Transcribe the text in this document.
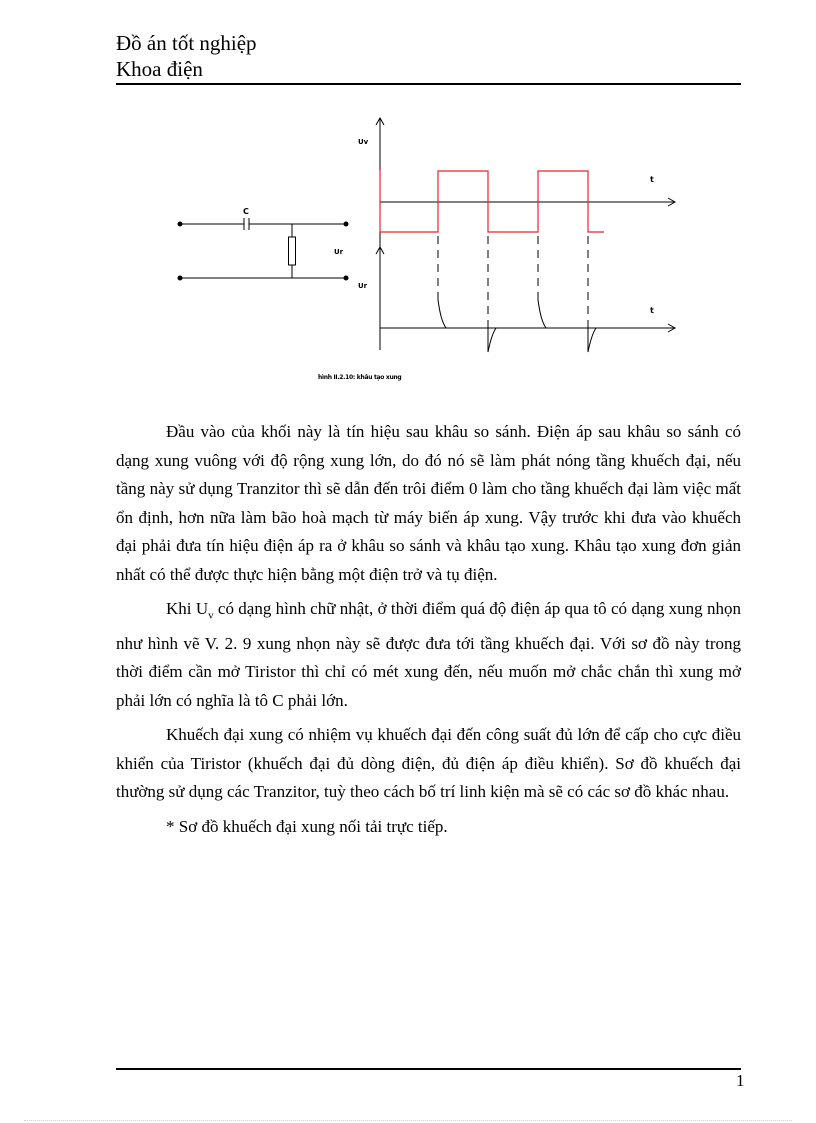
Đồ án tốt nghiệp
Khoa điện
C
Ur
Uv
t
Ur
t
hình II.2.10: khâu tạo xung

Đầu vào của khối này là tín hiệu sau khâu so sánh. Điện áp sau khâu so sánh có dạng xung vuông với độ rộng xung lớn, do đó nó sẽ làm phát nóng tầng khuếch đại, nếu tầng này sử dụng Tranzitor thì sẽ dẫn đến trôi điểm 0 làm cho tầng khuếch đại làm việc mất ổn định, hơn nữa làm bão hoà mạch từ máy biến áp xung. Vậy trước khi đưa vào khuếch đại phải đưa tín hiệu điện áp ra ở khâu so sánh và khâu tạo xung. Khâu tạo xung đơn giản nhất có thể được thực hiện bằng một điện trở và tụ điện.

Khi $U_v$ có dạng hình chữ nhật, ở thời điểm quá độ điện áp qua tô có dạng xung nhọn như hình vẽ V. 2. 9 xung nhọn này sẽ được đưa tới tầng khuếch đại. Với sơ đồ này trong thời điểm cần mở Tiristor thì chỉ có mét xung đến, nếu muốn mở chắc chắn thì xung mở phải lớn có nghĩa là tô C phải lớn.

Khuếch đại xung có nhiệm vụ khuếch đại đến công suất đủ lớn để cấp cho cực điều khiển của Tiristor (khuếch đại đủ dòng điện, đủ điện áp điều khiển). Sơ đồ khuếch đại thường sử dụng các Tranzitor, tuỳ theo cách bố trí linh kiện mà sẽ có các sơ đồ khác nhau.

* Sơ đồ khuếch đại xung nối tải trực tiếp.

1
